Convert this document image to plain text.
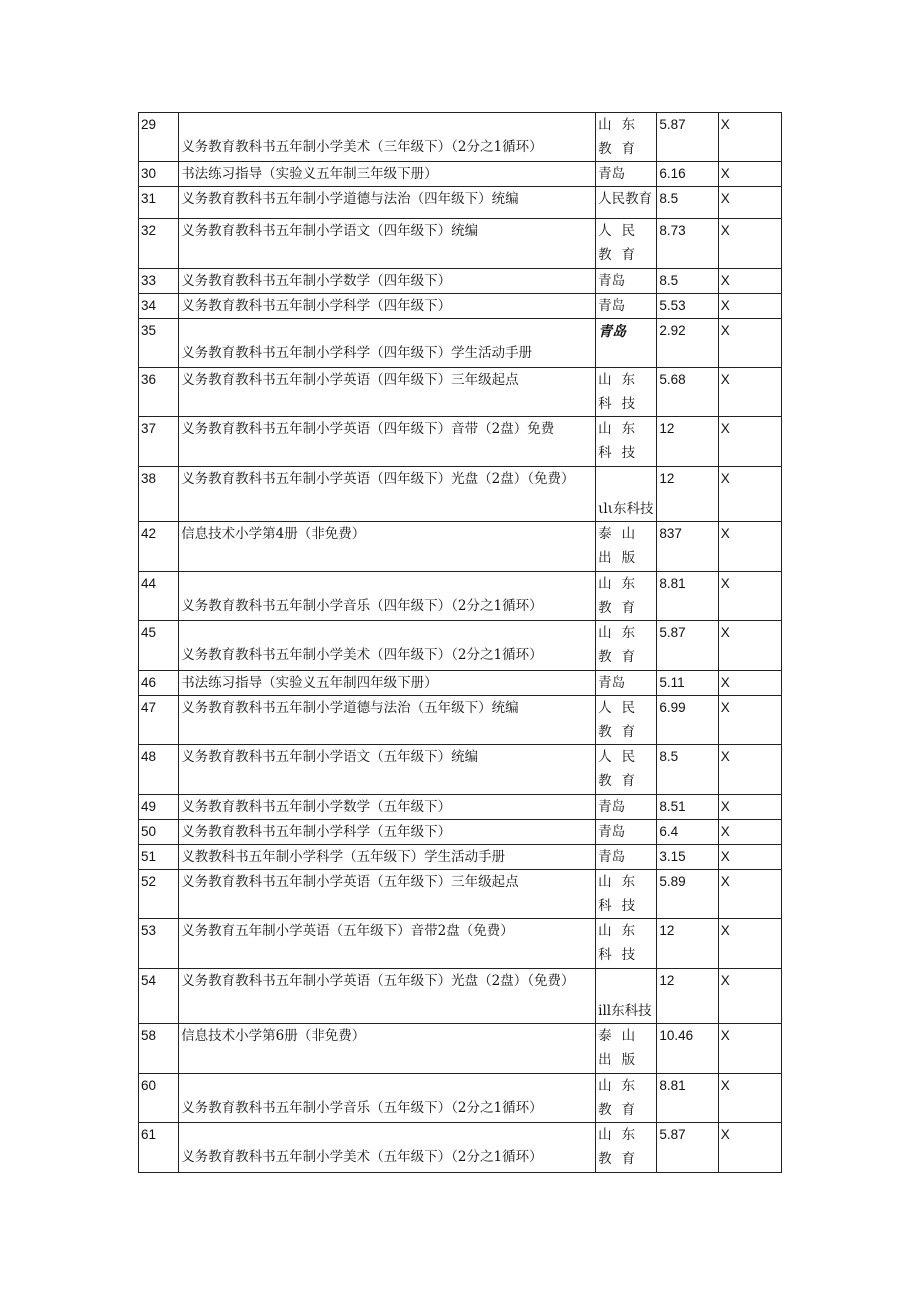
29	义务教育教科书五年制小学美术（三年级下）（2分之1循环）	山东教育	5.87	X
30	书法练习指导（实验义五年制三年级下册）	青岛	6.16	X
31	义务教育教科书五年制小学道德与法治（四年级下）统编	人民教育	8.5	X
32	义务教育教科书五年制小学语文（四年级下）统编	人民教育	8.73	X
33	义务教育教科书五年制小学数学（四年级下）	青岛	8.5	X
34	义务教育教科书五年制小学科学（四年级下）	青岛	5.53	X
35	义务教育教科书五年制小学科学（四年级下）学生活动手册	青岛	2.92	X
36	义务教育教科书五年制小学英语（四年级下）三年级起点	山东科技	5.68	X
37	义务教育教科书五年制小学英语（四年级下）音带（2盘）免费	山东科技	12	X
38	义务教育教科书五年制小学英语（四年级下）光盘（2盘）（免费）	ιlι东科技	12	X
42	信息技术小学第4册（非免费）	泰山出版	837	X
44	义务教育教科书五年制小学音乐（四年级下）（2分之1循环）	山东教育	8.81	X
45	义务教育教科书五年制小学美术（四年级下）（2分之1循环）	山东教育	5.87	X
46	书法练习指导（实验义五年制四年级下册）	青岛	5.11	X
47	义务教育教科书五年制小学道德与法治（五年级下）统编	人民教育	6.99	X
48	义务教育教科书五年制小学语文（五年级下）统编	人民教育	8.5	X
49	义务教育教科书五年制小学数学（五年级下）	青岛	8.51	X
50	义务教育教科书五年制小学科学（五年级下）	青岛	6.4	X
51	义教教科书五年制小学科学（五年级下）学生活动手册	青岛	3.15	X
52	义务教育教科书五年制小学英语（五年级下）三年级起点	山东科技	5.89	X
53	义务教育五年制小学英语（五年级下）音带2盘（免费）	山东科技	12	X
54	义务教育教科书五年制小学英语（五年级下）光盘（2盘）（免费）	ill东科技	12	X
58	信息技术小学第6册（非免费）	泰山出版	10.46	X
60	义务教育教科书五年制小学音乐（五年级下）（2分之1循环）	山东教育	8.81	X
61	义务教育教科书五年制小学美术（五年级下）（2分之1循环）	山东教育	5.87	X
